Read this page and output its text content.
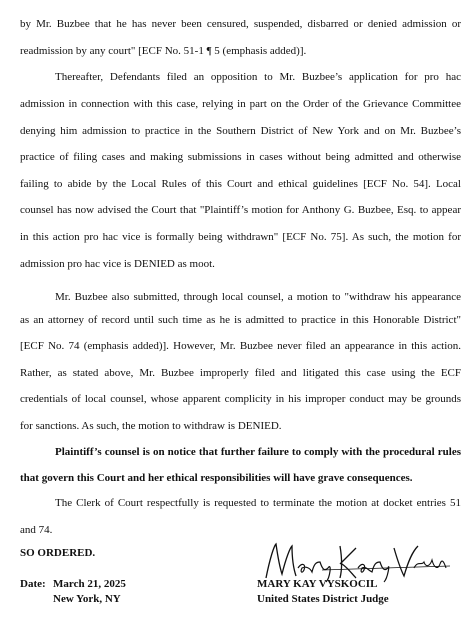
by Mr. Buzbee that he has never been censured, suspended, disbarred or denied admission or
readmission by any court" [ECF No. 51-1 ¶ 5 (emphasis added)].
Thereafter, Defendants filed an opposition to Mr. Buzbee’s application for pro hac
admission in connection with this case, relying in part on the Order of the Grievance Committee
denying him admission to practice in the Southern District of New York and on Mr. Buzbee’s
practice of filing cases and making submissions in cases without being admitted and otherwise
failing to abide by the Local Rules of this Court and ethical guidelines [ECF No. 54]. Local
counsel has now advised the Court that "Plaintiff’s motion for Anthony G. Buzbee, Esq. to appear
in this action pro hac vice is formally being withdrawn" [ECF No. 75]. As such, the motion for
admission pro hac vice is DENIED as moot.
Mr. Buzbee also submitted, through local counsel, a motion to "withdraw his appearance
as an attorney of record until such time as he is admitted to practice in this Honorable District"
[ECF No. 74 (emphasis added)]. However, Mr. Buzbee never filed an appearance in this action.
Rather, as stated above, Mr. Buzbee improperly filed and litigated this case using the ECF
credentials of local counsel, whose apparent complicity in his improper conduct may be grounds
for sanctions. As such, the motion to withdraw is DENIED.
Plaintiff’s counsel is on notice that further failure to comply with the procedural rules
that govern this Court and her ethical responsibilities will have grave consequences.
The Clerk of Court respectfully is requested to terminate the motion at docket entries 51
and 74.
SO ORDERED.
Date: March 21, 2025
New York, NY
MARY KAY VYSKOCIL
United States District Judge
